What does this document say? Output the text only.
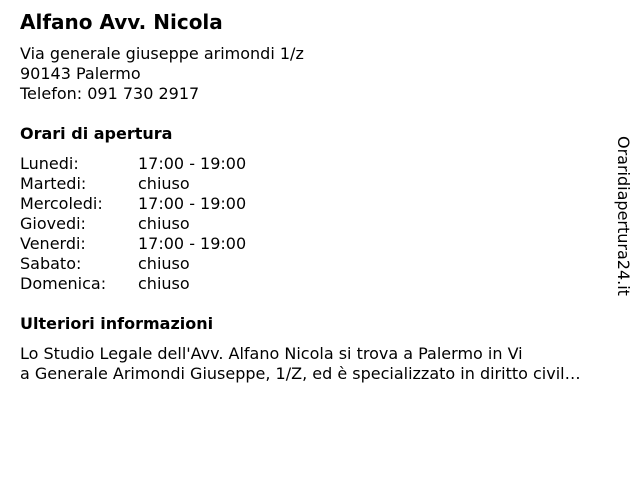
Alfano Avv. Nicola
Via generale giuseppe arimondi 1/z
90143 Palermo
Telefon: 091 730 2917
Orari di apertura
Lunedi:	17:00 - 19:00
Martedi:	chiuso
Mercoledi: 17:00 - 19:00
Giovedi:	chiuso
Venerdi:	17:00 - 19:00
Sabato:	chiuso
Domenica: chiuso
Ulteriori informazioni
Lo Studio Legale dell'Avv. Alfano Nicola si trova a Palermo in Vi
a Generale Arimondi Giuseppe, 1/Z, ed è specializzato in diritto civil…
Oraridiapertura24.it
